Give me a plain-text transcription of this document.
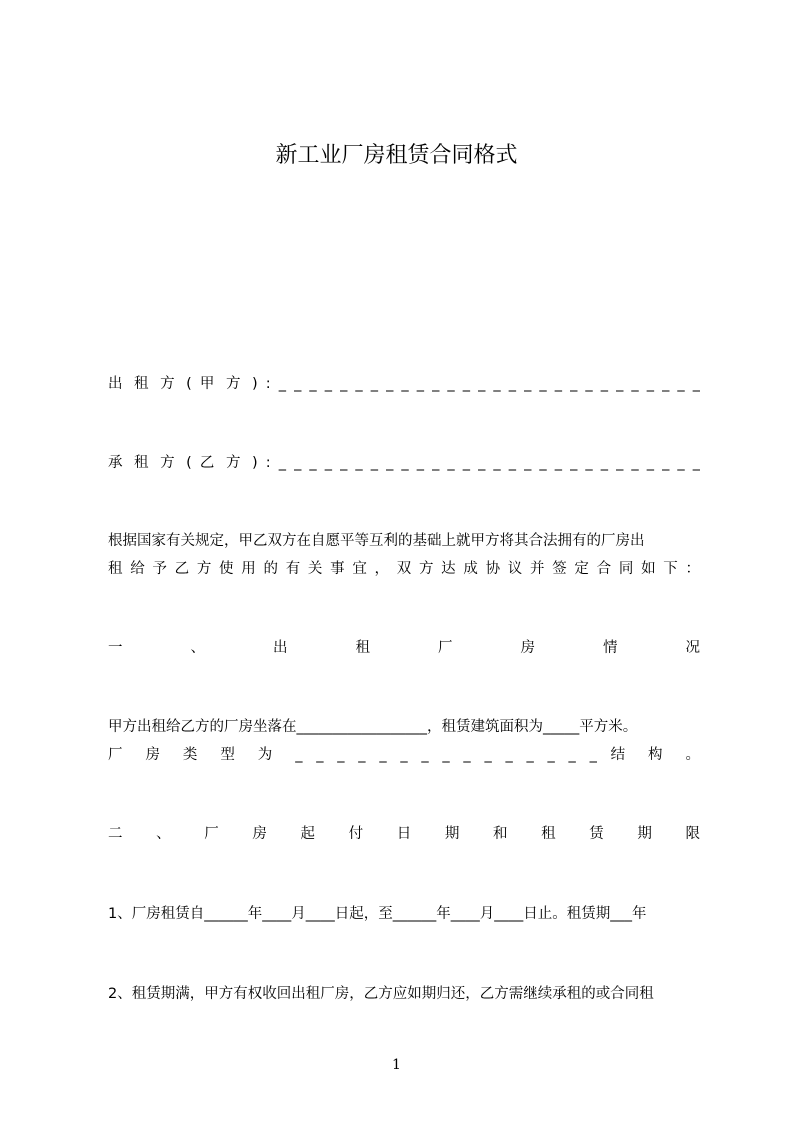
新工业厂房租赁合同格式
出 租 方 ( 甲 方 ) : _ _ _ _ _ _ _ _ _ _ _ _ _ _ _ _ _ _ _ _ _ _ _ _ _ _ _ _
承 租 方 ( 乙 方 ) : _ _ _ _ _ _ _ _ _ _ _ _ _ _ _ _ _ _ _ _ _ _ _ _ _ _ _ _
根据国家有关规定，甲乙双方在自愿平等互利的基础上就甲方将其合法拥有的厂房出
租 给 予 乙 方 使 用 的 有 关 事 宜 ， 双 方 达 成 协 议 并 签 定 合 同 如 下 ：
一 、 出 租 厂 房 情 况
甲方出租给乙方的厂房坐落在__________________，租赁建筑面积为_____平方米。
厂 房 类 型 为 _ _ _ _ _ _ _ _ _ _ _ _ _ _ _ 结 构 。
二 、 厂 房 起 付 日 期 和 租 赁 期 限
1、厂房租赁自______年____月____日起，至______年____月____日止。租赁期___年
2、租赁期满，甲方有权收回出租厂房，乙方应如期归还，乙方需继续承租的或合同租
1
